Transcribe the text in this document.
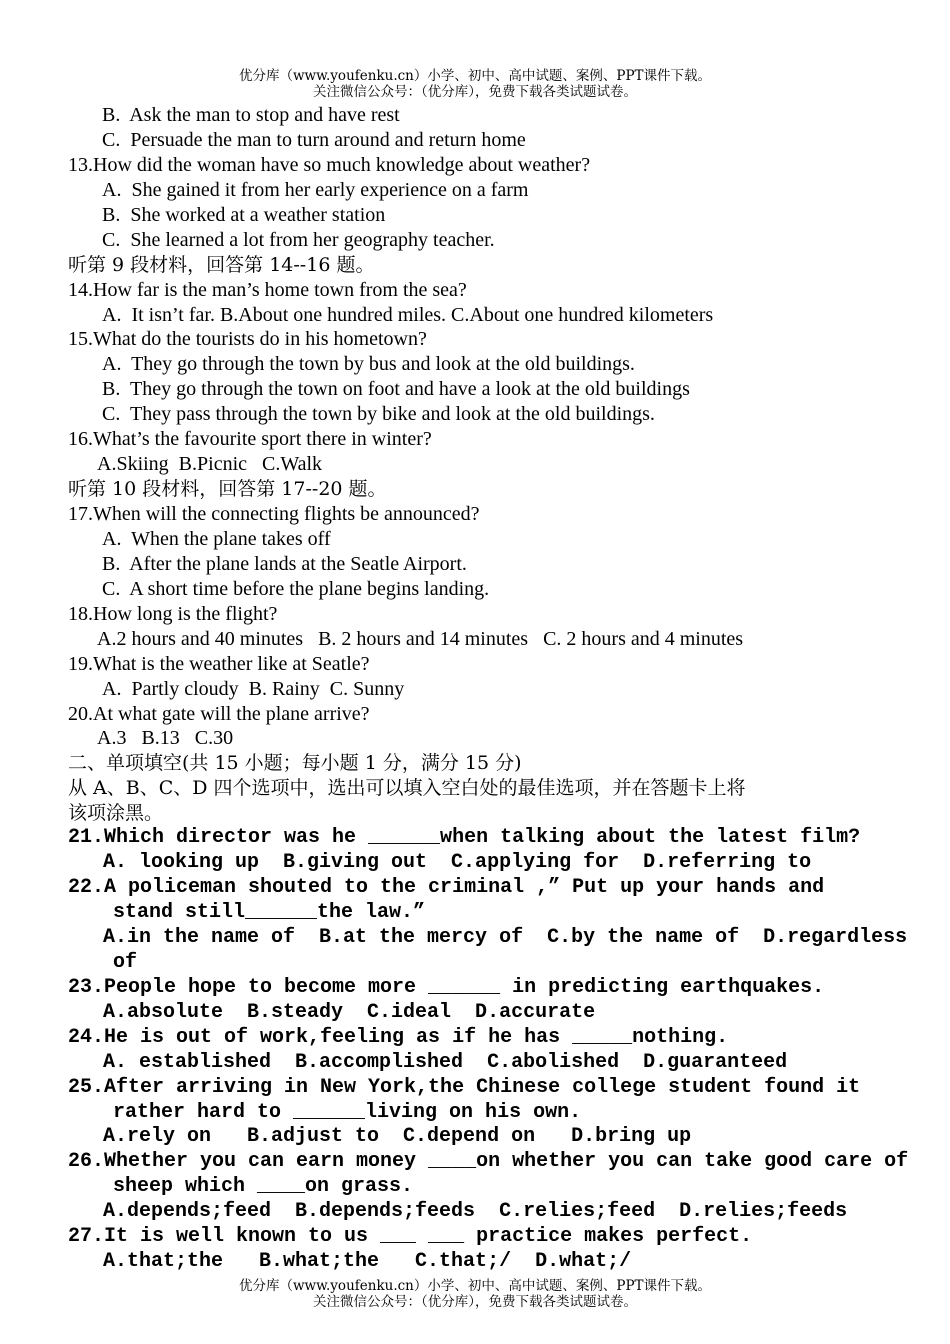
优分库（www.youfenku.cn）小学、初中、高中试题、案例、PPT课件下载。
关注微信公众号：（优分库），免费下载各类试题试卷。
B.  Ask the man to stop and have rest
C.  Persuade the man to turn around and return home
13.How did the woman have so much knowledge about weather?
A.  She gained it from her early experience on a farm
B.  She worked at a weather station
C.  She learned a lot from her geography teacher.
听第 9 段材料，回答第 14--16 题。
14.How far is the man’s home town from the sea?
A.  It isn’t far. B.About one hundred miles. C.About one hundred kilometers
15.What do the tourists do in his hometown?
A.  They go through the town by bus and look at the old buildings.
B.  They go through the town on foot and have a look at the old buildings
C.  They pass through the town by bike and look at the old buildings.
16.What’s the favourite sport there in winter?
A.Skiing  B.Picnic   C.Walk
听第 10 段材料，回答第 17--20 题。
17.When will the connecting flights be announced?
A.  When the plane takes off
B.  After the plane lands at the Seatle Airport.
C.  A short time before the plane begins landing.
18.How long is the flight?
A.2 hours and 40 minutes   B. 2 hours and 14 minutes   C. 2 hours and 4 minutes
19.What is the weather like at Seatle?
A.  Partly cloudy  B. Rainy  C. Sunny
20.At what gate will the plane arrive?
A.3   B.13   C.30
二、单项填空(共 15 小题；每小题 1 分，满分 15 分)
从 A、B、C、D 四个选项中，选出可以填入空白处的最佳选项，并在答题卡上将
该项涂黑。
21.Which director was he ______when talking about the latest film?
A. looking up  B.giving out  C.applying for  D.referring to
22.A policeman shouted to the criminal ,” Put up your hands and
stand still______the law.”
A.in the name of  B.at the mercy of  C.by the name of  D.regardless
of
23.People hope to become more ______ in predicting earthquakes.
A.absolute  B.steady  C.ideal  D.accurate
24.He is out of work,feeling as if he has _____nothing.
A. established  B.accomplished  C.abolished  D.guaranteed
25.After arriving in New York,the Chinese college student found it
rather hard to ______living on his own.
A.rely on   B.adjust to  C.depend on   D.bring up
26.Whether you can earn money ____on whether you can take good care of
sheep which ____on grass.
A.depends;feed  B.depends;feeds  C.relies;feed  D.relies;feeds
27.It is well known to us ___ ___ practice makes perfect.
A.that;the   B.what;the   C.that;/  D.what;/
优分库（www.youfenku.cn）小学、初中、高中试题、案例、PPT课件下载。
关注微信公众号：（优分库），免费下载各类试题试卷。
